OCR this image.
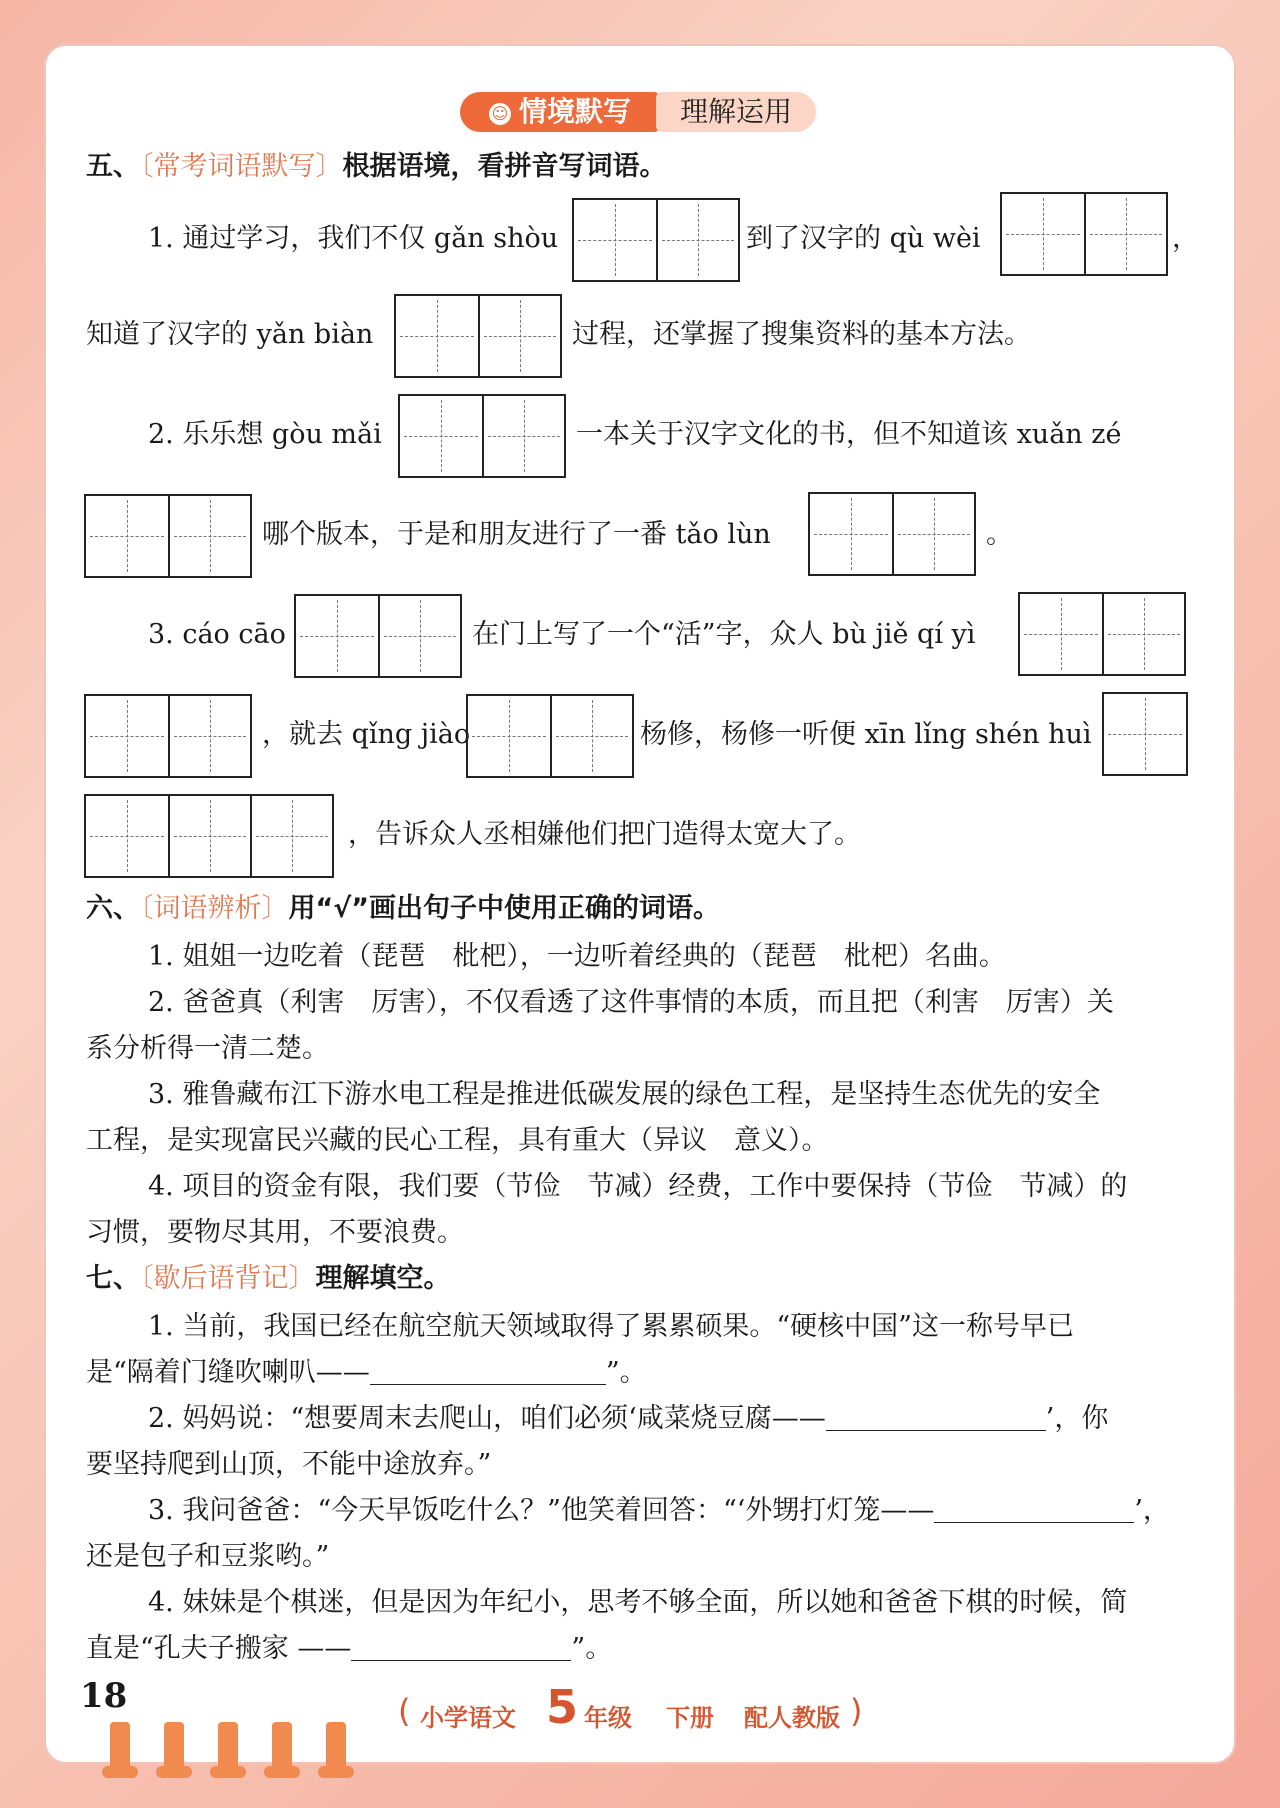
☺ 情境默写	理解运用
五、〔常考词语默写〕根据语境，看拼音写词语。
1. 通过学习，我们不仅 gǎn shòu	到了汉字的 qù wèi	，
知道了汉字的 yǎn biàn	过程，还掌握了搜集资料的基本方法。
2. 乐乐想 gòu mǎi	一本关于汉字文化的书，但不知道该 xuǎn zé
哪个版本，于是和朋友进行了一番 tǎo lùn	。
3. cáo cāo	在门上写了一个“活”字，众人 bù jiě qí yì
，就去 qǐng jiào	杨修，杨修一听便 xīn lǐng shén huì
，告诉众人丞相嫌他们把门造得太宽大了。
六、〔词语辨析〕用“√”画出句子中使用正确的词语。
1. 姐姐一边吃着（琵琶　枇杷），一边听着经典的（琵琶　枇杷）名曲。
2. 爸爸真（利害　厉害），不仅看透了这件事情的本质，而且把（利害　厉害）关
系分析得一清二楚。
3. 雅鲁藏布江下游水电工程是推进低碳发展的绿色工程，是坚持生态优先的安全
工程，是实现富民兴藏的民心工程，具有重大（异议　意义）。
4. 项目的资金有限，我们要（节俭　节减）经费，工作中要保持（节俭　节减）的
习惯，要物尽其用，不要浪费。
七、〔歇后语背记〕理解填空。
1. 当前，我国已经在航空航天领域取得了累累硕果。“硬核中国”这一称号早已
是“隔着门缝吹喇叭——	”。
2. 妈妈说：“想要周末去爬山，咱们必须‘咸菜烧豆腐——	’，你
要坚持爬到山顶，不能中途放弃。”
3. 我问爸爸：“今天早饭吃什么？”他笑着回答：“‘外甥打灯笼——	’，
还是包子和豆浆哟。”
4. 妹妹是个棋迷，但是因为年纪小，思考不够全面，所以她和爸爸下棋的时候，简
直是“孔夫子搬家 ——	”。
18	( 小学语文 5 年级 下册 配人教版 )
